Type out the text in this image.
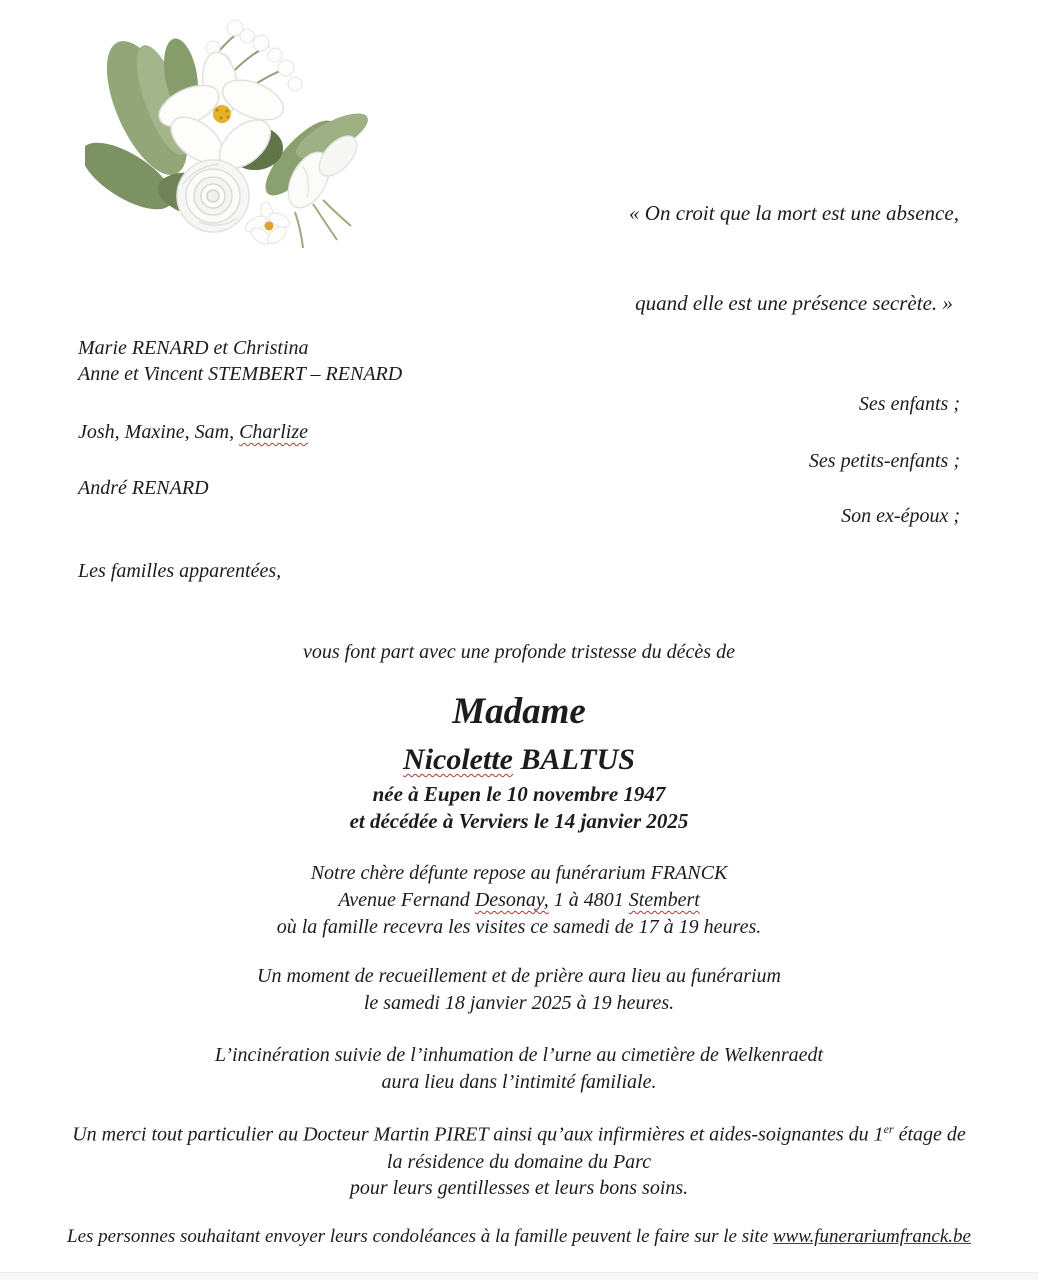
« On croit que la mort est une absence,

quand elle est une présence secrète. »

Marie RENARD et Christina
Anne et Vincent STEMBERT – RENARD
Ses enfants ;
Josh, Maxine, Sam, Charlize
Ses petits-enfants ;
André RENARD
Son ex-époux ;
Les familles apparentées,
vous font part avec une profonde tristesse du décès de
Madame
Nicolette BALTUS
née à Eupen le 10 novembre 1947
et décédée à Verviers le 14 janvier 2025
Notre chère défunte repose au funérarium FRANCK
Avenue Fernand Desonay, 1 à 4801 Stembert
où la famille recevra les visites ce samedi de 17 à 19 heures.
Un moment de recueillement et de prière aura lieu au funérarium
le samedi 18 janvier 2025 à 19 heures.
L’incinération suivie de l’inhumation de l’urne au cimetière de Welkenraedt
aura lieu dans l’intimité familiale.
Un merci tout particulier au Docteur Martin PIRET ainsi qu’aux infirmières et aides-soignantes du 1er étage de
la résidence du domaine du Parc
pour leurs gentillesses et leurs bons soins.
Les personnes souhaitant envoyer leurs condoléances à la famille peuvent le faire sur le site www.funerariumfranck.be
